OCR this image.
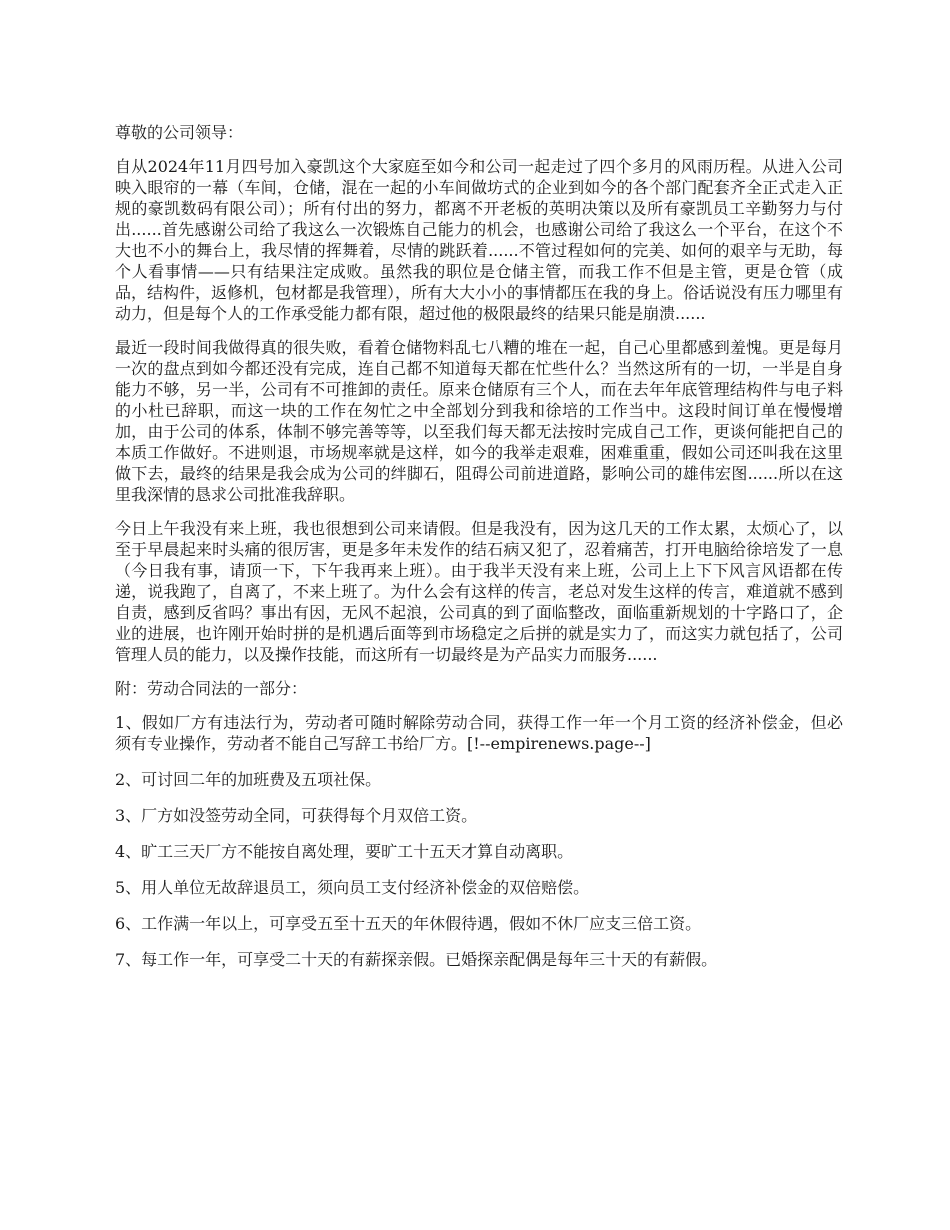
尊敬的公司领导：

自从2024年11月四号加入豪凯这个大家庭至如今和公司一起走过了四个多月的风雨历程。从进入公司映入眼帘的一幕（车间，仓储，混在一起的小车间做坊式的企业到如今的各个部门配套齐全正式走入正规的豪凯数码有限公司）；所有付出的努力，都离不开老板的英明决策以及所有豪凯员工辛勤努力与付出......首先感谢公司给了我这么一次锻炼自己能力的机会，也感谢公司给了我这么一个平台，在这个不大也不小的舞台上，我尽情的挥舞着，尽情的跳跃着......不管过程如何的完美、如何的艰辛与无助，每个人看事情——只有结果注定成败。虽然我的职位是仓储主管，而我工作不但是主管，更是仓管（成品，结构件，返修机，包材都是我管理），所有大大小小的事情都压在我的身上。俗话说没有压力哪里有动力，但是每个人的工作承受能力都有限，超过他的极限最终的结果只能是崩溃......

最近一段时间我做得真的很失败，看着仓储物料乱七八糟的堆在一起，自己心里都感到羞愧。更是每月一次的盘点到如今都还没有完成，连自己都不知道每天都在忙些什么？当然这所有的一切，一半是自身能力不够，另一半，公司有不可推卸的责任。原来仓储原有三个人，而在去年年底管理结构件与电子料的小杜已辞职，而这一块的工作在匆忙之中全部划分到我和徐培的工作当中。这段时间订单在慢慢增加，由于公司的体系，体制不够完善等等，以至我们每天都无法按时完成自己工作，更谈何能把自己的本质工作做好。不进则退，市场规率就是这样，如今的我举走艰难，困难重重，假如公司还叫我在这里做下去，最终的结果是我会成为公司的绊脚石，阻碍公司前进道路，影响公司的雄伟宏图......所以在这里我深情的恳求公司批准我辞职。

今日上午我没有来上班，我也很想到公司来请假。但是我没有，因为这几天的工作太累，太烦心了，以至于早晨起来时头痛的很厉害，更是多年未发作的结石病又犯了，忍着痛苦，打开电脑给徐培发了一息（今日我有事，请顶一下，下午我再来上班）。由于我半天没有来上班，公司上上下下风言风语都在传递，说我跑了，自离了，不来上班了。为什么会有这样的传言，老总对发生这样的传言，难道就不感到自责，感到反省吗？事出有因，无风不起浪，公司真的到了面临整改，面临重新规划的十字路口了，企业的进展，也许刚开始时拼的是机遇后面等到市场稳定之后拼的就是实力了，而这实力就包括了，公司管理人员的能力，以及操作技能，而这所有一切最终是为产品实力而服务......

附：劳动合同法的一部分：

1、假如厂方有违法行为，劳动者可随时解除劳动合同，获得工作一年一个月工资的经济补偿金，但必须有专业操作，劳动者不能自己写辞工书给厂方。[!--empirenews.page--]

2、可讨回二年的加班费及五项社保。

3、厂方如没签劳动全同，可获得每个月双倍工资。

4、旷工三天厂方不能按自离处理，要旷工十五天才算自动离职。

5、用人单位无故辞退员工，须向员工支付经济补偿金的双倍赔偿。

6、工作满一年以上，可享受五至十五天的年休假待遇，假如不休厂应支三倍工资。

7、每工作一年，可享受二十天的有薪探亲假。已婚探亲配偶是每年三十天的有薪假。
